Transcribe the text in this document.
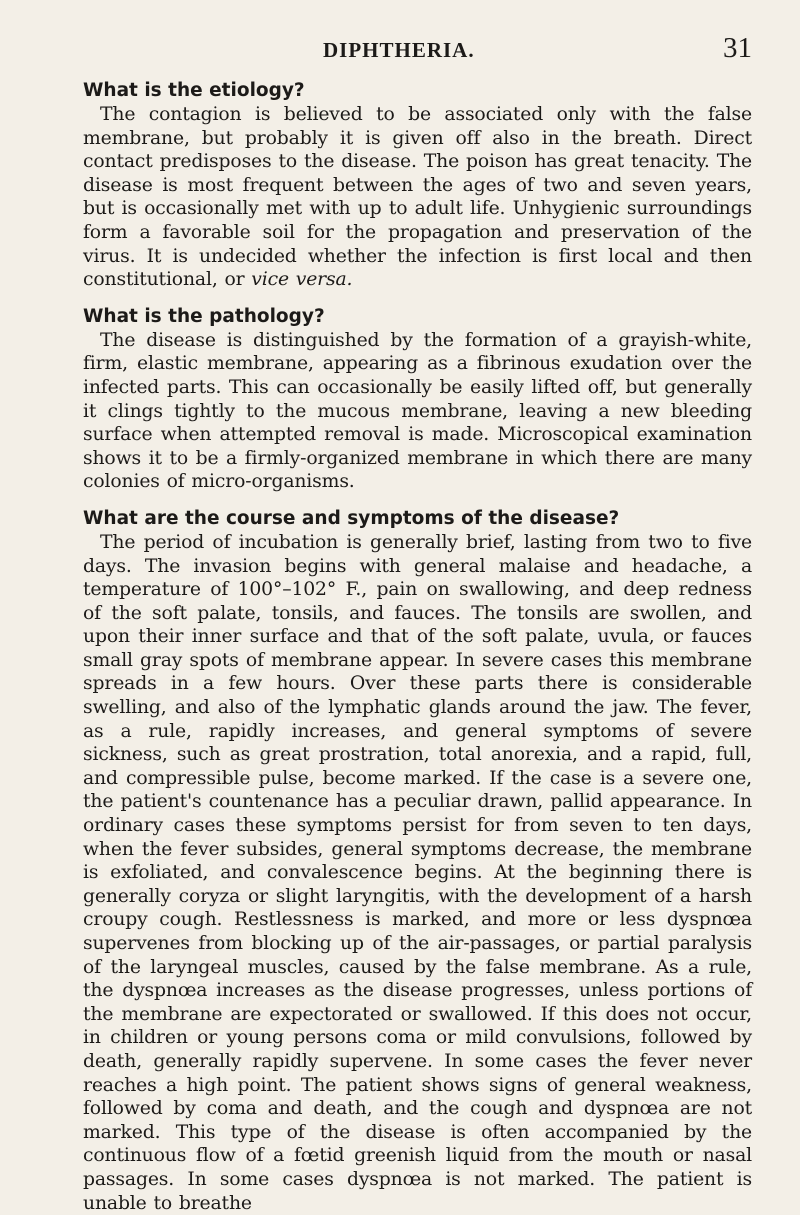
DIPHTHERIA.	31
What is the etiology?

The contagion is believed to be associated only with the false membrane, but probably it is given off also in the breath. Direct contact predisposes to the disease. The poison has great tenacity. The disease is most frequent between the ages of two and seven years, but is occasionally met with up to adult life. Unhygienic surroundings form a favorable soil for the propagation and preservation of the virus. It is undecided whether the infection is first local and then constitutional, or vice versa.

What is the pathology?

The disease is distinguished by the formation of a grayish-white, firm, elastic membrane, appearing as a fibrinous exudation over the infected parts. This can occasionally be easily lifted off, but generally it clings tightly to the mucous membrane, leaving a new bleeding surface when attempted removal is made. Microscopical examination shows it to be a firmly-organized membrane in which there are many colonies of micro-organisms.

What are the course and symptoms of the disease?

The period of incubation is generally brief, lasting from two to five days. The invasion begins with general malaise and headache, a temperature of 100°–102° F., pain on swallowing, and deep redness of the soft palate, tonsils, and fauces. The tonsils are swollen, and upon their inner surface and that of the soft palate, uvula, or fauces small gray spots of membrane appear. In severe cases this membrane spreads in a few hours. Over these parts there is considerable swelling, and also of the lymphatic glands around the jaw. The fever, as a rule, rapidly increases, and general symptoms of severe sickness, such as great prostration, total anorexia, and a rapid, full, and compressible pulse, become marked. If the case is a severe one, the patient's countenance has a peculiar drawn, pallid appearance. In ordinary cases these symptoms persist for from seven to ten days, when the fever subsides, general symptoms decrease, the membrane is exfoliated, and convalescence begins. At the beginning there is generally coryza or slight laryngitis, with the development of a harsh croupy cough. Restlessness is marked, and more or less dyspnœa supervenes from blocking up of the air-passages, or partial paralysis of the laryngeal muscles, caused by the false membrane. As a rule, the dyspnœa increases as the disease progresses, unless portions of the membrane are expectorated or swallowed. If this does not occur, in children or young persons coma or mild convulsions, followed by death, generally rapidly supervene. In some cases the fever never reaches a high point. The patient shows signs of general weakness, followed by coma and death, and the cough and dyspnœa are not marked. This type of the disease is often accompanied by the continuous flow of a fœtid greenish liquid from the mouth or nasal passages. In some cases dyspnœa is not marked. The patient is unable to breathe
